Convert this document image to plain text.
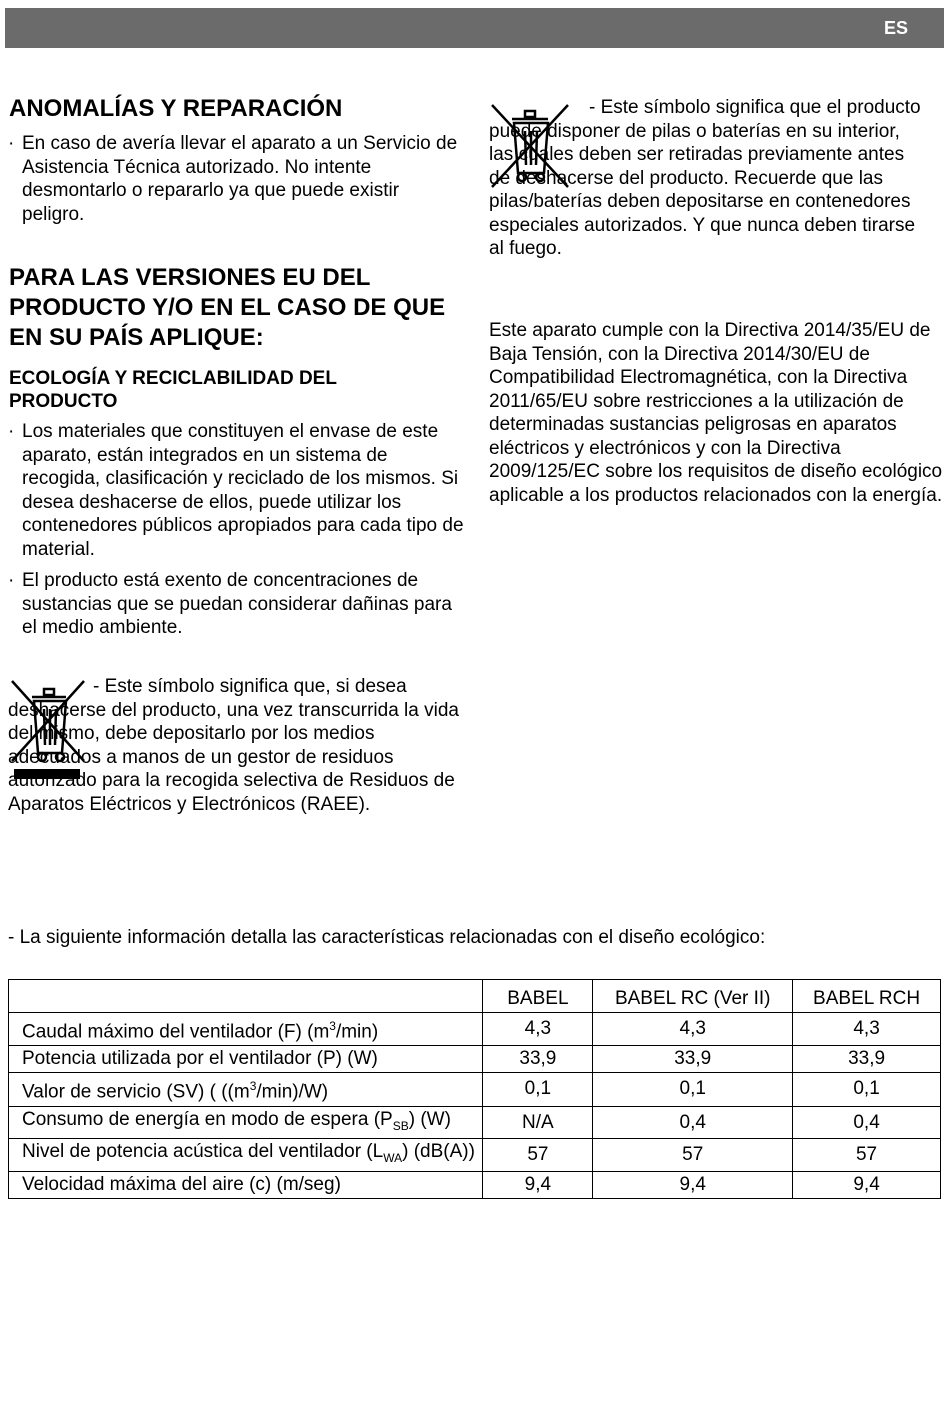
ES
ANOMALÍAS Y REPARACIÓN
· En caso de avería llevar el aparato a un Servicio de Asistencia Técnica autorizado. No intente desmontarlo o repararlo ya que puede existir peligro.

PARA LAS VERSIONES EU DEL PRODUCTO Y/O EN EL CASO DE QUE EN SU PAÍS APLIQUE:
ECOLOGÍA Y RECICLABILIDAD DEL PRODUCTO
· Los materiales que constituyen el envase de este aparato, están integrados en un sistema de recogida, clasificación y reciclado de los mismos. Si desea deshacerse de ellos, puede utilizar los contenedores públicos apropiados para cada tipo de material.

· El producto está exento de concentraciones de sustancias que se puedan considerar dañinas para el medio ambiente.

- Este símbolo significa que, si desea deshacerse del producto, una vez transcurrida la vida del mismo, debe depositarlo por los medios adecuados a manos de un gestor de residuos autorizado para la recogida selectiva de Residuos de Aparatos Eléctricos y Electrónicos (RAEE).
- Este símbolo significa que el producto puede disponer de pilas o baterías en su interior, las cuales deben ser retiradas previamente antes de deshacerse del producto. Recuerde que las pilas/baterías deben depositarse en contenedores especiales autorizados. Y que nunca deben tirarse al fuego.
Este aparato cumple con la Directiva 2014/35/EU de Baja Tensión, con la Directiva 2014/30/EU de Compatibilidad Electromagnética, con la Directiva 2011/65/EU sobre restricciones a la utilización de determinadas sustancias peligrosas en aparatos eléctricos y electrónicos y con la Directiva 2009/125/EC sobre los requisitos de diseño ecológico aplicable a los productos relacionados con la energía.
- La siguiente información detalla las características relacionadas con el diseño ecológico:
	BABEL	BABEL RC (Ver II)	BABEL RCH
Caudal máximo del ventilador (F) $(m^3/\min)$	4,3	4,3	4,3
Potencia utilizada por el ventilador (P) (W)	33,9	33,9	33,9
Valor de servicio (SV) ( $((m^3/\min)/W)$	0,1	0,1	0,1
Consumo de energía en modo de espera $(P_{SB})$ (W)	N/A	0,4	0,4
Nivel de potencia acústica del ventilador $(L_{WA})$ (dB(A))	57	57	57
Velocidad máxima del aire (c) (m/seg)	9,4	9,4	9,4
